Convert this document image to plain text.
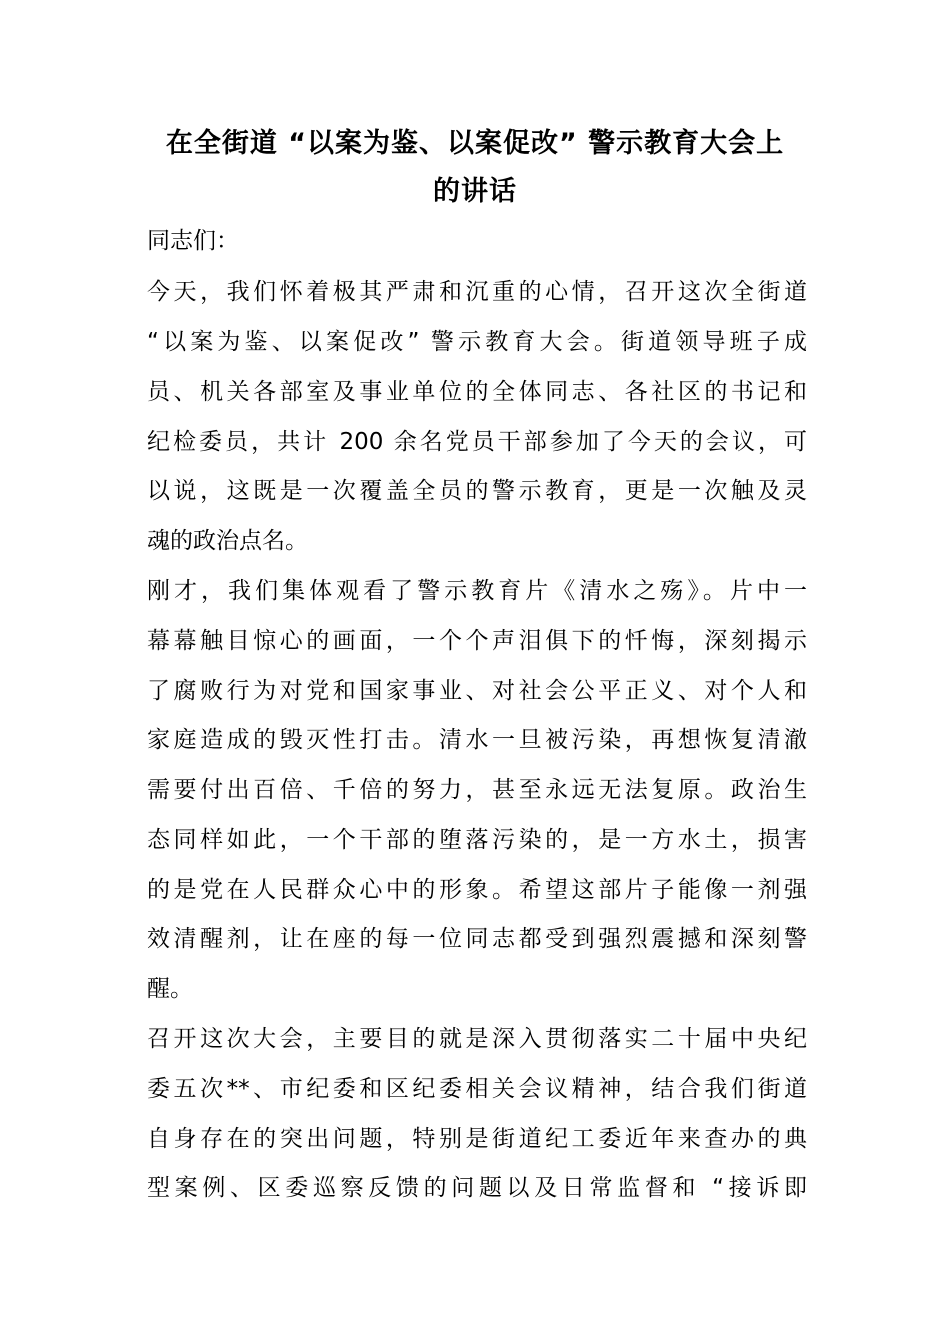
在全街道 “以案为鉴、以案促改” 警示教育大会上
的讲话
同志们：
今天，我们怀着极其严肃和沉重的心情，召开这次全街道
“以案为鉴、以案促改” 警示教育大会。街道领导班子成
员、机关各部室及事业单位的全体同志、各社区的书记和
纪检委员，共计 200 余名党员干部参加了今天的会议，可
以说，这既是一次覆盖全员的警示教育，更是一次触及灵
魂的政治点名。
刚才，我们集体观看了警示教育片《清水之殇》。片中一
幕幕触目惊心的画面，一个个声泪俱下的忏悔，深刻揭示
了腐败行为对党和国家事业、对社会公平正义、对个人和
家庭造成的毁灭性打击。清水一旦被污染，再想恢复清澈
需要付出百倍、千倍的努力，甚至永远无法复原。政治生
态同样如此，一个干部的堕落污染的，是一方水土，损害
的是党在人民群众心中的形象。希望这部片子能像一剂强
效清醒剂，让在座的每一位同志都受到强烈震撼和深刻警
醒。
召开这次大会，主要目的就是深入贯彻落实二十届中央纪
委五次**、市纪委和区纪委相关会议精神，结合我们街道
自身存在的突出问题，特别是街道纪工委近年来查办的典
型案例、区委巡察反馈的问题以及日常监督和 “接诉即
